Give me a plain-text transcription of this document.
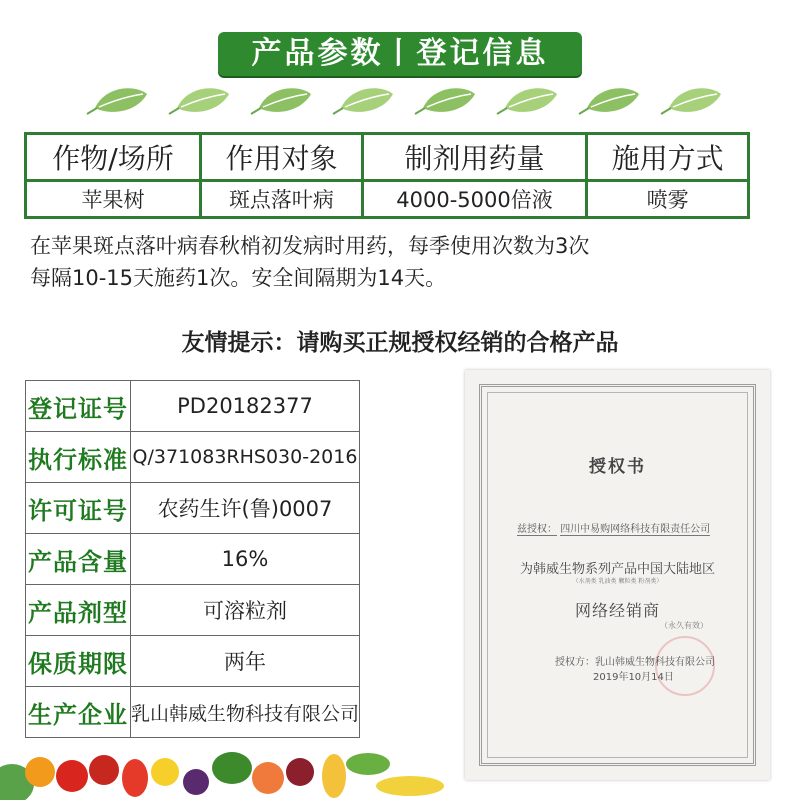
产品参数丨登记信息
作物/场所	作用对象	制剂用药量	施用方式
苹果树	斑点落叶病	4000-5000倍液	喷雾
在苹果斑点落叶病春秋梢初发病时用药，每季使用次数为3次
每隔10-15天施药1次。安全间隔期为14天。
友情提示：请购买正规授权经销的合格产品
登记证号	PD20182377
执行标准	Q/371083RHS030-2016
许可证号	农药生许(鲁)0007
产品含量	16%
产品剂型	可溶粒剂
保质期限	两年
生产企业	乳山韩威生物科技有限公司
授权书
兹授权： 四川中易购网络科技有限责任公司
为韩威生物系列产品中国大陆地区
（水剂类 乳油类 颗粒类 粉剂类）
网络经销商
（永久有效）
授权方：乳山韩威生物科技有限公司
2019年10月14日
